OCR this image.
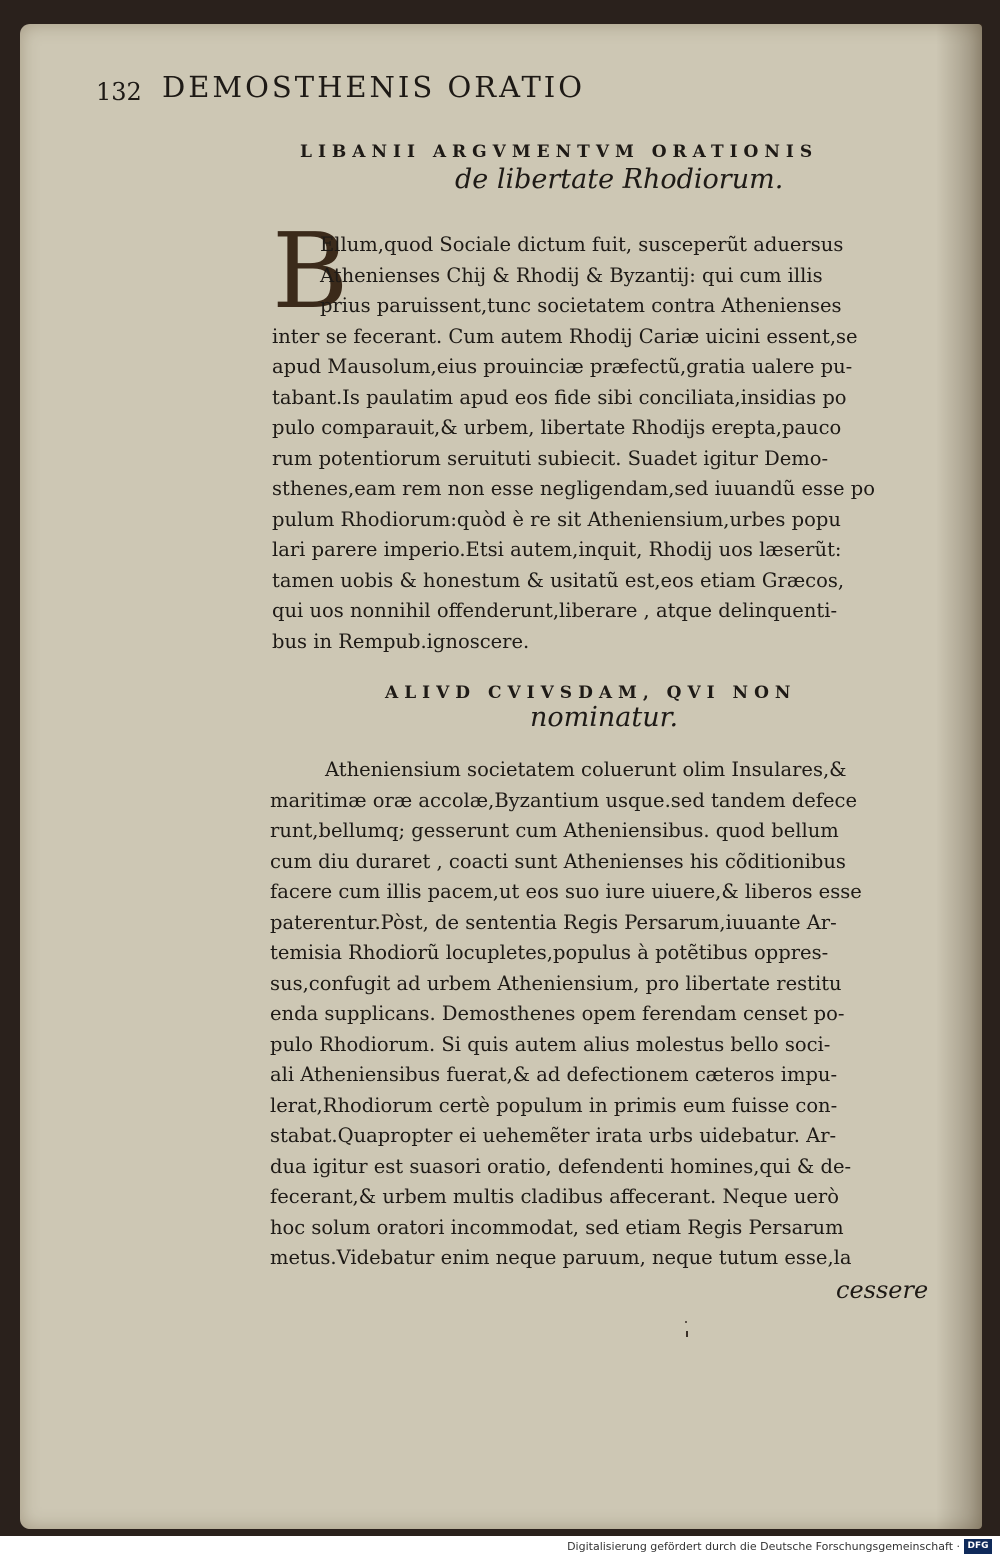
132 DEMOSTHENIS ORATIO
LIBANII ARGVMENTVM ORATIONIS
de libertate Rhodiorum.
B
Ellum,quod Sociale dictum fuit, susceperũt aduersus
Athenienses Chij & Rhodij & Byzantij: qui cum illis
prius paruissent,tunc societatem contra Athenienses
inter se fecerant. Cum autem Rhodij Cariæ uicini essent,se
apud Mausolum,eius prouinciæ præfectũ,gratia ualere pu-
tabant.Is paulatim apud eos fide sibi conciliata,insidias po
pulo comparauit,& urbem, libertate Rhodijs erepta,pauco
rum potentiorum seruituti subiecit. Suadet igitur Demo-
sthenes,eam rem non esse negligendam,sed iuuandũ esse po
pulum Rhodiorum:quòd è re sit Atheniensium,urbes popu
lari parere imperio.Etsi autem,inquit, Rhodij uos læserũt:
tamen uobis & honestum & usitatũ est,eos etiam Græcos,
qui uos nonnihil offenderunt,liberare , atque delinquenti-
bus in Rempub.ignoscere.
ALIVD CVIVSDAM, QVI NON
nominatur.
Atheniensium societatem coluerunt olim Insulares,&
maritimæ oræ accolæ,Byzantium usque.sed tandem defece
runt,bellumq; gesserunt cum Atheniensibus. quod bellum
cum diu duraret , coacti sunt Athenienses his cõditionibus
facere cum illis pacem,ut eos suo iure uiuere,& liberos esse
paterentur.Pòst, de sententia Regis Persarum,iuuante Ar-
temisia Rhodiorũ locupletes,populus à potẽtibus oppres-
sus,confugit ad urbem Atheniensium, pro libertate restitu
enda supplicans. Demosthenes opem ferendam censet po-
pulo Rhodiorum. Si quis autem alius molestus bello soci-
ali Atheniensibus fuerat,& ad defectionem cæteros impu-
lerat,Rhodiorum certè populum in primis eum fuisse con-
stabat.Quapropter ei uehemẽter irata urbs uidebatur. Ar-
dua igitur est suasori oratio, defendenti homines,qui & de-
fecerant,& urbem multis cladibus affecerant. Neque uerò
hoc solum oratori incommodat, sed etiam Regis Persarum
metus.Videbatur enim neque paruum, neque tutum esse,la
cessere
Digitalisierung gefördert durch die Deutsche Forschungsgemeinschaft · DFG
